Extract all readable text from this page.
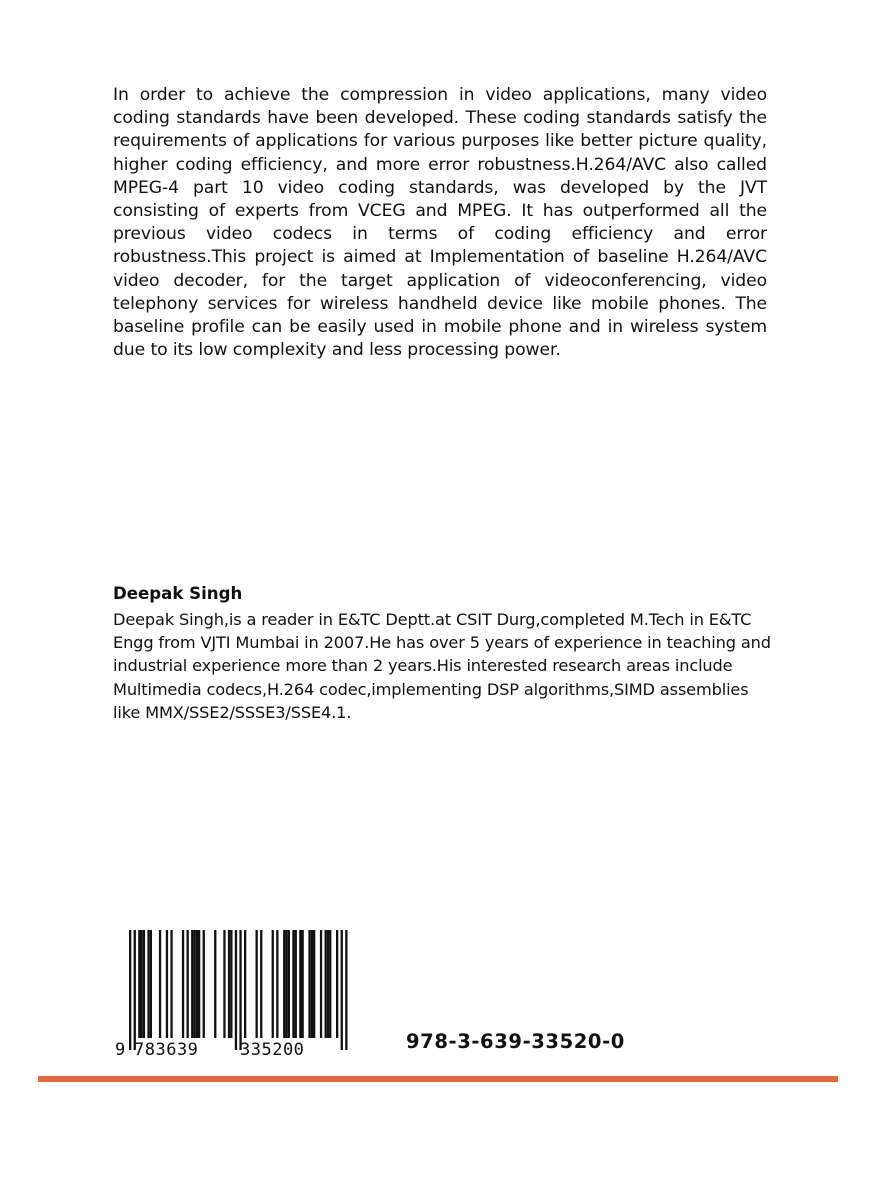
In order to achieve the compression in video applications, many video coding standards have been developed. These coding standards satisfy the requirements of applications for various purposes like better picture quality, higher coding efficiency, and more error robustness.H.264/AVC also called MPEG-4 part 10 video coding standards, was developed by the JVT consisting of experts from VCEG and MPEG. It has outperformed all the previous video codecs in terms of coding efficiency and error robustness.This project is aimed at Implementation of baseline H.264/AVC video decoder, for the target application of videoconferencing, video telephony services for wireless handheld device like mobile phones. The baseline profile can be easily used in mobile phone and in wireless system due to its low complexity and less processing power.

Deepak Singh

Deepak Singh,is a reader in E&TC Deptt.at CSIT Durg,completed M.Tech in E&TC Engg from VJTI Mumbai in 2007.He has over 5 years of experience in teaching and industrial experience more than 2 years.His interested research areas include Multimedia codecs,H.264 codec,implementing DSP algorithms,SIMD assemblies like MMX/SSE2/SSSE3/SSE4.1.

9 783639 335200	978-3-639-33520-0
